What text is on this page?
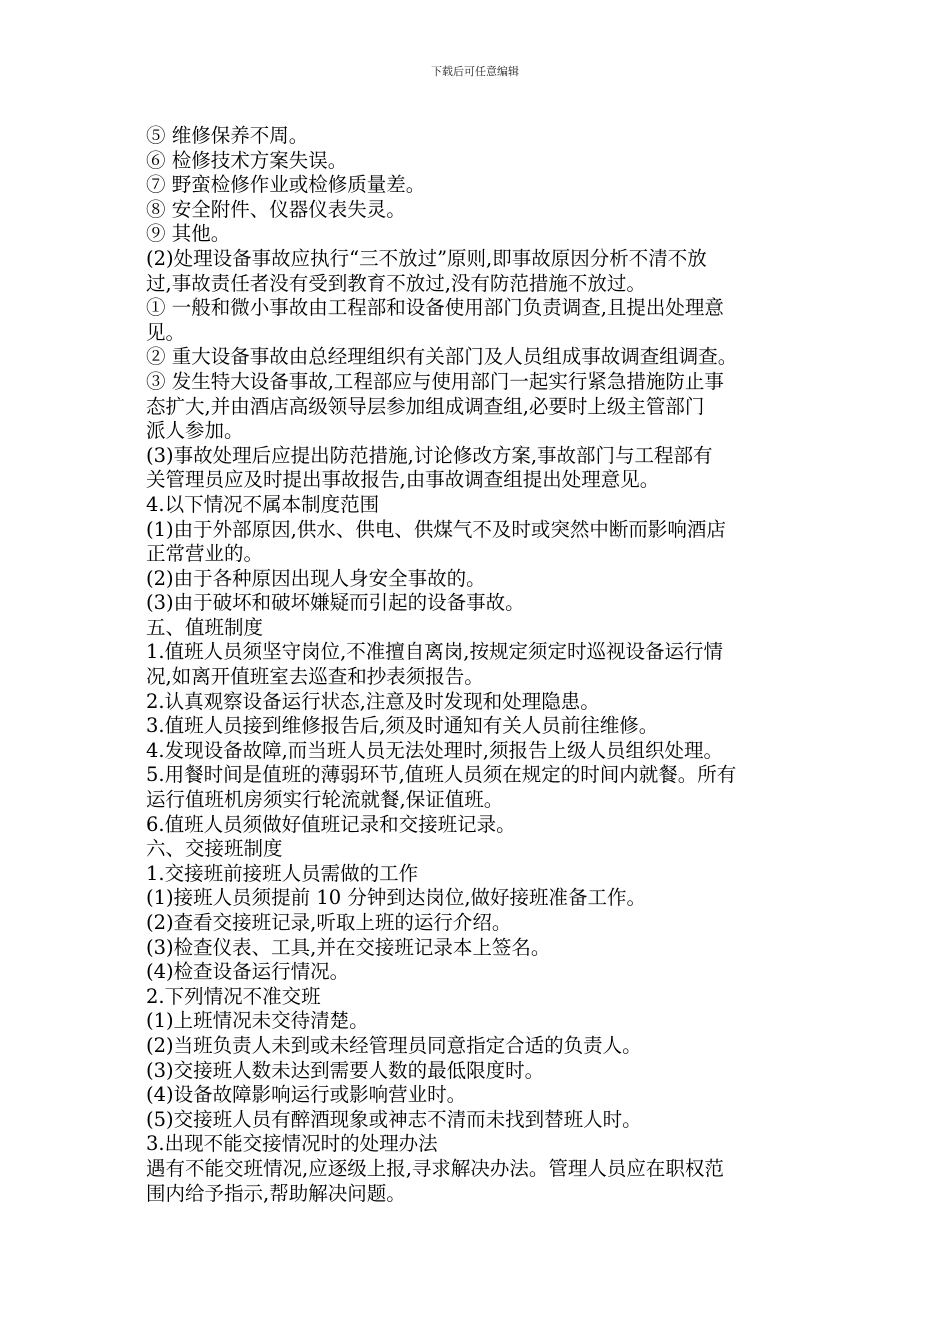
下载后可任意编辑
⑤ 维修保养不周。
⑥ 检修技术方案失误。
⑦ 野蛮检修作业或检修质量差。
⑧ 安全附件、仪器仪表失灵。
⑨ 其他。
(2)处理设备事故应执行“三不放过”原则,即事故原因分析不清不放
过,事故责任者没有受到教育不放过,没有防范措施不放过。
① 一般和微小事故由工程部和设备使用部门负责调查,且提出处理意
见。
② 重大设备事故由总经理组织有关部门及人员组成事故调查组调查。
③ 发生特大设备事故,工程部应与使用部门一起实行紧急措施防止事
态扩大,并由酒店高级领导层参加组成调查组,必要时上级主管部门
派人参加。
(3)事故处理后应提出防范措施,讨论修改方案,事故部门与工程部有
关管理员应及时提出事故报告,由事故调查组提出处理意见。
4.以下情况不属本制度范围
(1)由于外部原因,供水、供电、供煤气不及时或突然中断而影响酒店
正常营业的。
(2)由于各种原因出现人身安全事故的。
(3)由于破坏和破坏嫌疑而引起的设备事故。
五、值班制度
1.值班人员须坚守岗位,不准擅自离岗,按规定须定时巡视设备运行情
况,如离开值班室去巡查和抄表须报告。
2.认真观察设备运行状态,注意及时发现和处理隐患。
3.值班人员接到维修报告后,须及时通知有关人员前往维修。
4.发现设备故障,而当班人员无法处理时,须报告上级人员组织处理。
5.用餐时间是值班的薄弱环节,值班人员须在规定的时间内就餐。所有
运行值班机房须实行轮流就餐,保证值班。
6.值班人员须做好值班记录和交接班记录。
六、交接班制度
1.交接班前接班人员需做的工作
(1)接班人员须提前 10 分钟到达岗位,做好接班准备工作。
(2)查看交接班记录,听取上班的运行介绍。
(3)检查仪表、工具,并在交接班记录本上签名。
(4)检查设备运行情况。
2.下列情况不准交班
(1)上班情况未交待清楚。
(2)当班负责人未到或未经管理员同意指定合适的负责人。
(3)交接班人数未达到需要人数的最低限度时。
(4)设备故障影响运行或影响营业时。
(5)交接班人员有醉酒现象或神志不清而未找到替班人时。
3.出现不能交接情况时的处理办法
遇有不能交班情况,应逐级上报,寻求解决办法。管理人员应在职权范
围内给予指示,帮助解决问题。
